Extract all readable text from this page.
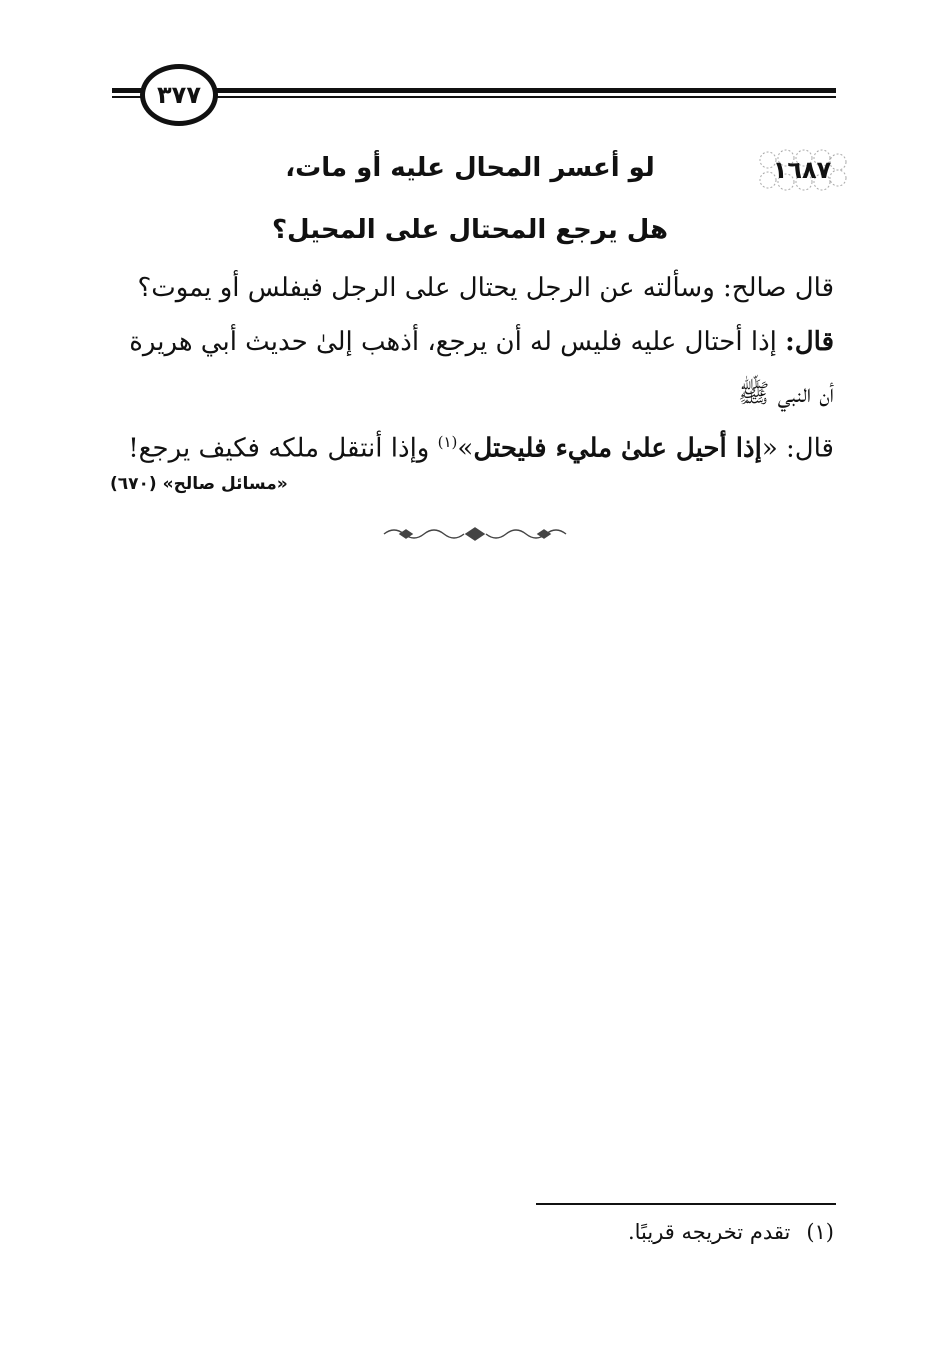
٣٧٧
١٦٨٧
لو أعسر المحال عليه أو مات،
هل يرجع المحتال على المحيل؟
قال صالح: وسألته عن الرجل يحتال على الرجل فيفلس أو يموت؟
قال: إذا أحتال عليه فليس له أن يرجع، أذهب إلىٰ حديث أبي هريرة
أن النبي ﷺ
قال: «إذا أحيل علىٰ مليء فليحتل»$^{(١)}$ وإذا أنتقل ملكه فكيف يرجع!
«مسائل صالح» (٦٧٠)
(١)تقدم تخريجه قريبًا.
